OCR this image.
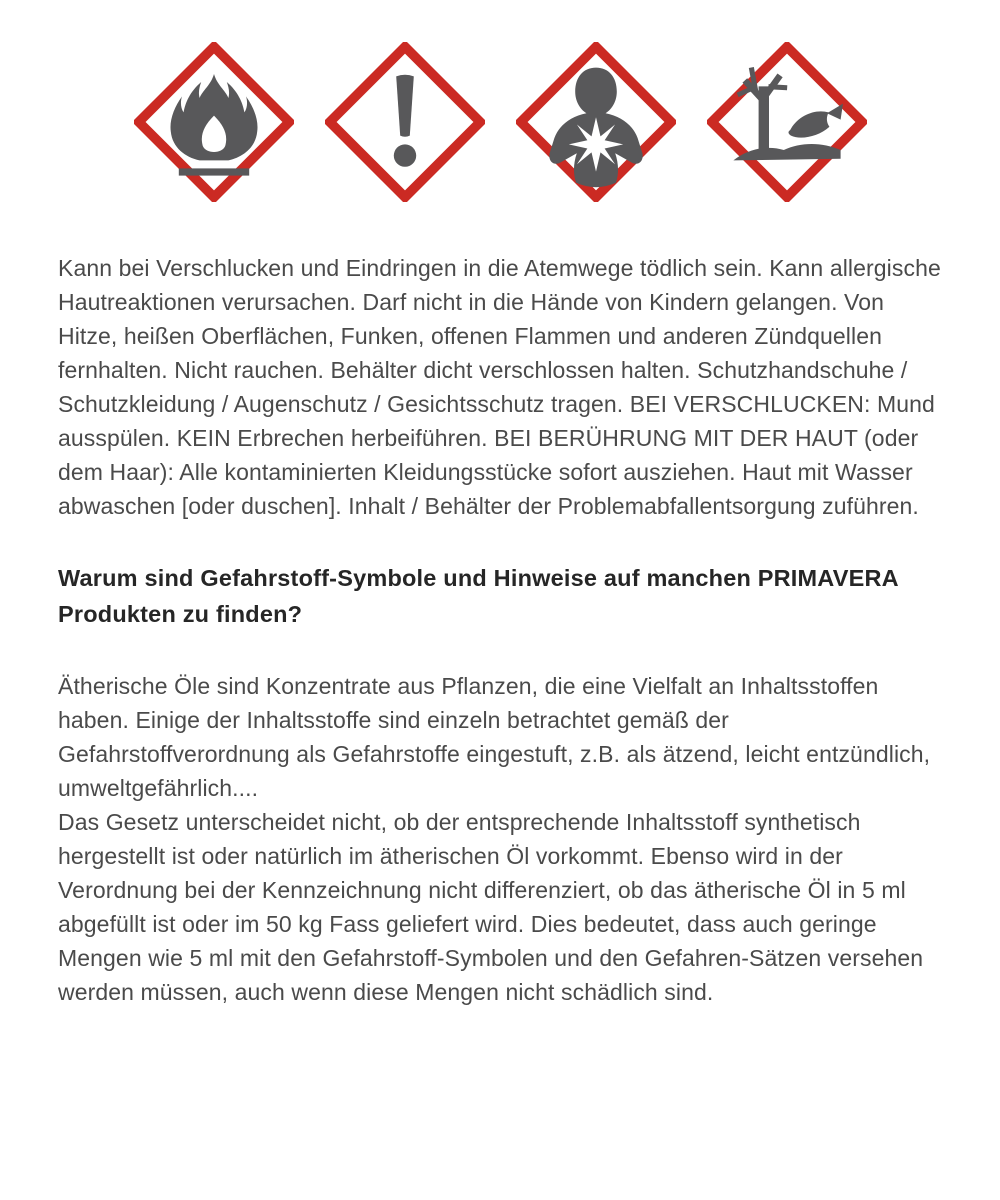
Kann bei Verschlucken und Eindringen in die Atemwege tödlich sein. Kann allergische Hautreaktionen verursachen. Darf nicht in die Hände von Kindern gelangen. Von Hitze, heißen Oberflächen, Funken, offenen Flammen und anderen Zündquellen fernhalten. Nicht rauchen. Behälter dicht verschlossen halten. Schutzhandschuhe / Schutzkleidung / Augenschutz / Gesichtsschutz tragen. BEI VERSCHLUCKEN: Mund ausspülen. KEIN Erbrechen herbeiführen. BEI BERÜHRUNG MIT DER HAUT (oder dem Haar): Alle kontaminierten Kleidungsstücke sofort ausziehen. Haut mit Wasser abwaschen [oder duschen]. Inhalt / Behälter der Problemabfallentsorgung zuführen.

Warum sind Gefahrstoff-Symbole und Hinweise auf manchen PRIMAVERA Produkten zu finden?

Ätherische Öle sind Konzentrate aus Pflanzen, die eine Vielfalt an Inhaltsstoffen haben. Einige der Inhaltsstoffe sind einzeln betrachtet gemäß der Gefahrstoffverordnung als Gefahrstoffe eingestuft, z.B. als ätzend, leicht entzündlich, umweltgefährlich....

Das Gesetz unterscheidet nicht, ob der entsprechende Inhaltsstoff synthetisch hergestellt ist oder natürlich im ätherischen Öl vorkommt. Ebenso wird in der Verordnung bei der Kennzeichnung nicht differenziert, ob das ätherische Öl in 5 ml abgefüllt ist oder im 50 kg Fass geliefert wird. Dies bedeutet, dass auch geringe Mengen wie 5 ml mit den Gefahrstoff-Symbolen und den Gefahren-Sätzen versehen werden müssen, auch wenn diese Mengen nicht schädlich sind.
